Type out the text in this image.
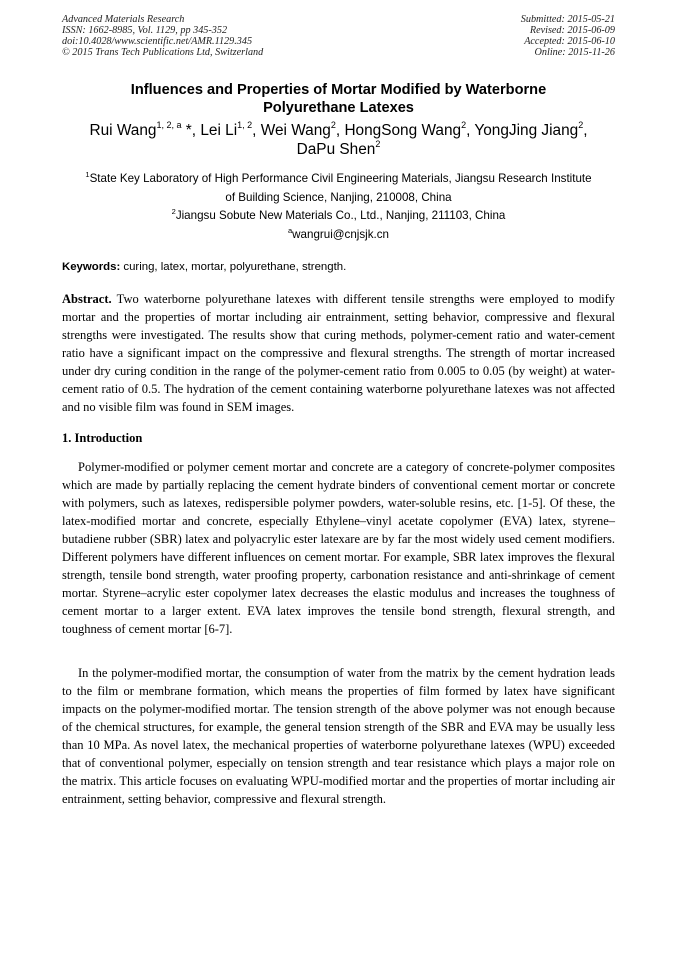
Advanced Materials Research
ISSN: 1662-8985, Vol. 1129, pp 345-352
doi:10.4028/www.scientific.net/AMR.1129.345
© 2015 Trans Tech Publications Ltd, Switzerland
Submitted: 2015-05-21
Revised: 2015-06-09
Accepted: 2015-06-10
Online: 2015-11-26
Influences and Properties of Mortar Modified by Waterborne
Polyurethane Latexes
Rui Wang$^{1, 2, a}$ *, Lei Li$^{1, 2}$, Wei Wang$^2$, HongSong Wang$^2$, YongJing Jiang$^2$,
DaPu Shen$^2$
$^1$State Key Laboratory of High Performance Civil Engineering Materials, Jiangsu Research Institute
of Building Science, Nanjing, 210008, China
$^2$Jiangsu Sobute New Materials Co., Ltd., Nanjing, 211103, China
$^a$wangrui@cnjsjk.cn
Keywords: curing, latex, mortar, polyurethane, strength.
Abstract. Two waterborne polyurethane latexes with different tensile strengths were employed to modify mortar and the properties of mortar including air entrainment, setting behavior, compressive and flexural strengths were investigated. The results show that curing methods, polymer-cement ratio and water-cement ratio have a significant impact on the compressive and flexural strengths. The strength of mortar increased under dry curing condition in the range of the polymer-cement ratio from 0.005 to 0.05 (by weight) at water-cement ratio of 0.5. The hydration of the cement containing waterborne polyurethane latexes was not affected and no visible film was found in SEM images.
1. Introduction
Polymer-modified or polymer cement mortar and concrete are a category of concrete-polymer composites which are made by partially replacing the cement hydrate binders of conventional cement mortar or concrete with polymers, such as latexes, redispersible polymer powders, water-soluble resins, etc. [1-5]. Of these, the latex-modified mortar and concrete, especially Ethylene–vinyl acetate copolymer (EVA) latex, styrene–butadiene rubber (SBR) latex and polyacrylic ester latexare are by far the most widely used cement modifiers. Different polymers have different influences on cement mortar. For example, SBR latex improves the flexural strength, tensile bond strength, water proofing property, carbonation resistance and anti-shrinkage of cement mortar. Styrene–acrylic ester copolymer latex decreases the elastic modulus and increases the toughness of cement mortar to a larger extent. EVA latex improves the tensile bond strength, flexural strength, and toughness of cement mortar [6-7].
In the polymer-modified mortar, the consumption of water from the matrix by the cement hydration leads to the film or membrane formation, which means the properties of film formed by latex have significant impacts on the polymer-modified mortar. The tension strength of the above polymer was not enough because of the chemical structures, for example, the general tension strength of the SBR and EVA may be usually less than 10 MPa. As novel latex, the mechanical properties of waterborne polyurethane latexes (WPU) exceeded that of conventional polymer, especially on tension strength and tear resistance which plays a major role on the matrix. This article focuses on evaluating WPU-modified mortar and the properties of mortar including air entrainment, setting behavior, compressive and flexural strength.
